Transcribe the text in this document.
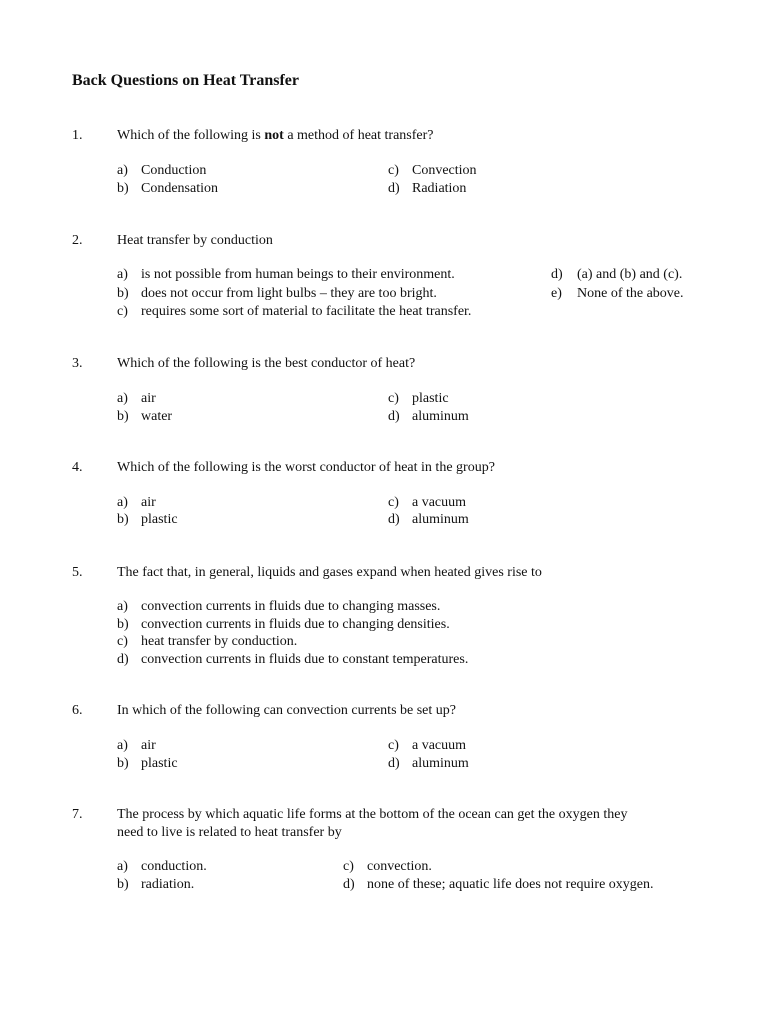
Back Questions on Heat Transfer
1. Which of the following is not a method of heat transfer?
a) Conduction
b) Condensation
c) Convection
d) Radiation
2. Heat transfer by conduction
a) is not possible from human beings to their environment.
b) does not occur from light bulbs – they are too bright.
c) requires some sort of material to facilitate the heat transfer.
d) (a) and (b) and (c).
e) None of the above.
3. Which of the following is the best conductor of heat?
a) air
b) water
c) plastic
d) aluminum
4. Which of the following is the worst conductor of heat in the group?
a) air
b) plastic
c) a vacuum
d) aluminum
5. The fact that, in general, liquids and gases expand when heated gives rise to
a) convection currents in fluids due to changing masses.
b) convection currents in fluids due to changing densities.
c) heat transfer by conduction.
d) convection currents in fluids due to constant temperatures.
6. In which of the following can convection currents be set up?
a) air
b) plastic
c) a vacuum
d) aluminum
7. The process by which aquatic life forms at the bottom of the ocean can get the oxygen they
need to live is related to heat transfer by
a) conduction.
b) radiation.
c) convection.
d) none of these; aquatic life does not require oxygen.
